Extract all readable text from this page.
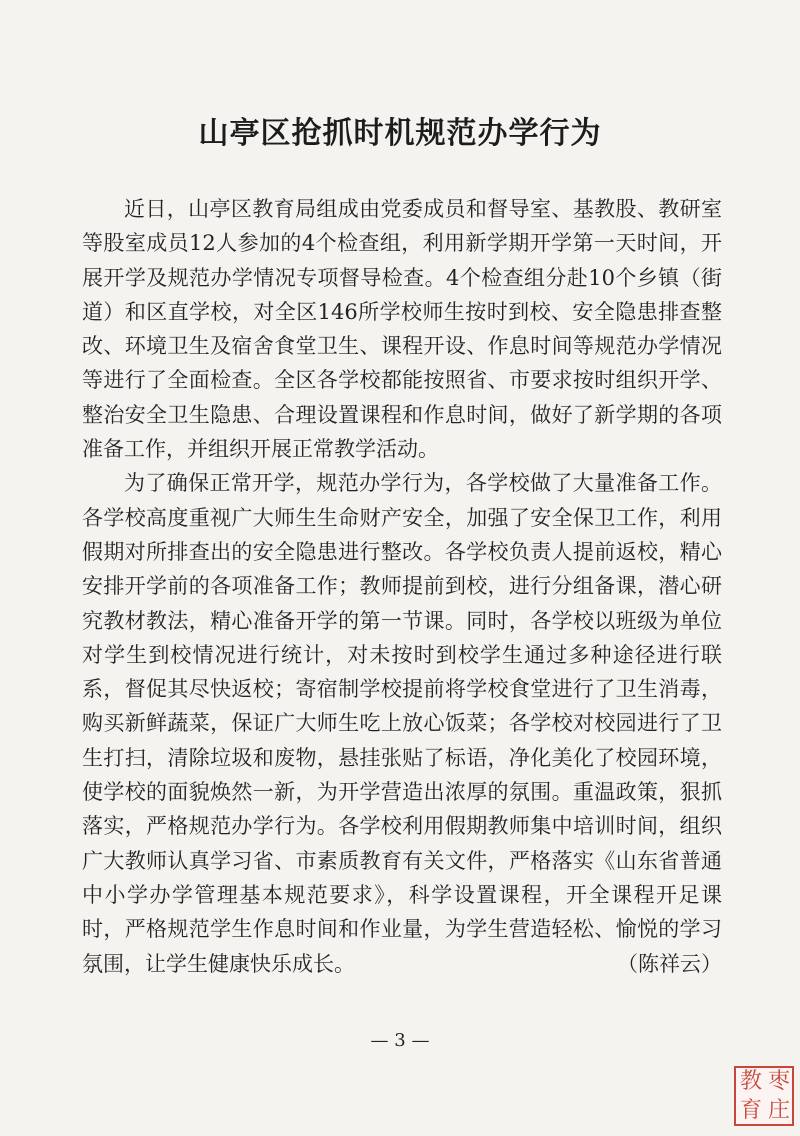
山亭区抢抓时机规范办学行为

近日，山亭区教育局组成由党委成员和督导室、基教股、教研室等股室成员12人参加的4个检查组，利用新学期开学第一天时间，开展开学及规范办学情况专项督导检查。4个检查组分赴10个乡镇（街道）和区直学校，对全区146所学校师生按时到校、安全隐患排查整改、环境卫生及宿舍食堂卫生、课程开设、作息时间等规范办学情况等进行了全面检查。全区各学校都能按照省、市要求按时组织开学、整治安全卫生隐患、合理设置课程和作息时间，做好了新学期的各项准备工作，并组织开展正常教学活动。

为了确保正常开学，规范办学行为，各学校做了大量准备工作。各学校高度重视广大师生生命财产安全，加强了安全保卫工作，利用假期对所排查出的安全隐患进行整改。各学校负责人提前返校，精心安排开学前的各项准备工作；教师提前到校，进行分组备课，潜心研究教材教法，精心准备开学的第一节课。同时，各学校以班级为单位对学生到校情况进行统计，对未按时到校学生通过多种途径进行联系，督促其尽快返校；寄宿制学校提前将学校食堂进行了卫生消毒，购买新鲜蔬菜，保证广大师生吃上放心饭菜；各学校对校园进行了卫生打扫，清除垃圾和废物，悬挂张贴了标语，净化美化了校园环境，使学校的面貌焕然一新，为开学营造出浓厚的氛围。重温政策，狠抓落实，严格规范办学行为。各学校利用假期教师集中培训时间，组织广大教师认真学习省、市素质教育有关文件，严格落实《山东省普通中小学办学管理基本规范要求》，科学设置课程，开全课程开足课时，严格规范学生作息时间和作业量，为学生营造轻松、愉悦的学习氛围，让学生健康快乐成长。	（陈祥云）

— 3 —
枣
庄
教
育
